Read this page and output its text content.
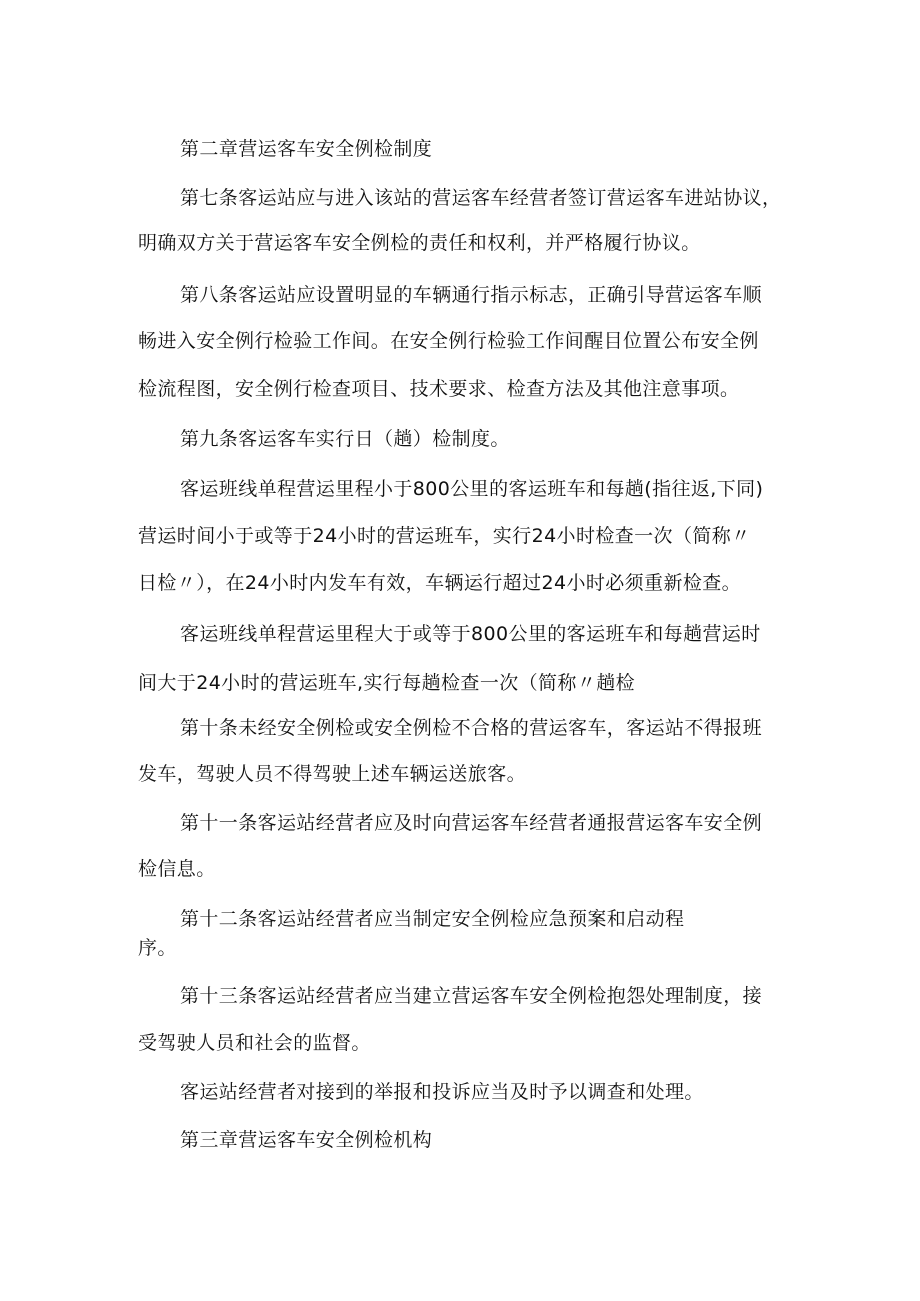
第二章营运客车安全例检制度

第七条客运站应与进入该站的营运客车经营者签订营运客车进站协议，

明确双方关于营运客车安全例检的责任和权利，并严格履行协议。

第八条客运站应设置明显的车辆通行指示标志，正确引导营运客车顺

畅进入安全例行检验工作间。在安全例行检验工作间醒目位置公布安全例

检流程图，安全例行检查项目、技术要求、检查方法及其他注意事项。

第九条客运客车实行日（趟）检制度。

客运班线单程营运里程小于800公里的客运班车和每趟(指往返,下同)

营运时间小于或等于24小时的营运班车，实行24小时检查一次（简称〃

日检〃），在24小时内发车有效，车辆运行超过24小时必须重新检查。

客运班线单程营运里程大于或等于800公里的客运班车和每趟营运时

间大于24小时的营运班车,实行每趟检查一次（简称〃趟检

第十条未经安全例检或安全例检不合格的营运客车，客运站不得报班

发车，驾驶人员不得驾驶上述车辆运送旅客。

第十一条客运站经营者应及时向营运客车经营者通报营运客车安全例

检信息。

第十二条客运站经营者应当制定安全例检应急预案和启动程

序。

第十三条客运站经营者应当建立营运客车安全例检抱怨处理制度，接

受驾驶人员和社会的监督。

客运站经营者对接到的举报和投诉应当及时予以调查和处理。

第三章营运客车安全例检机构
